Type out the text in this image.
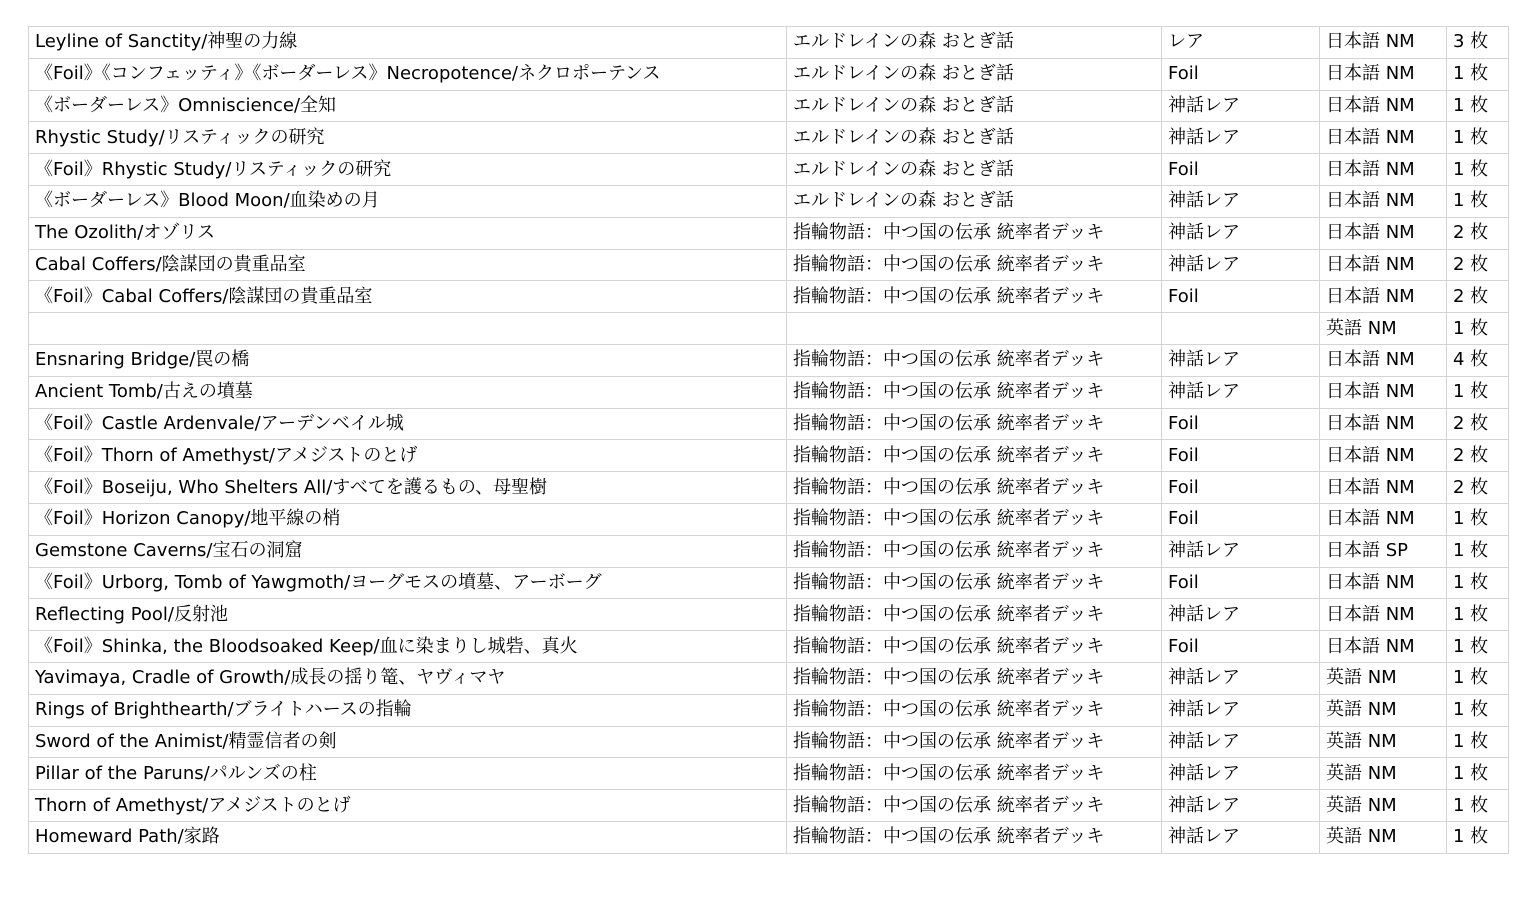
Leyline of Sanctity/神聖の力線	エルドレインの森 おとぎ話	レア	日本語 NM	3 枚
《Foil》《コンフェッティ》《ボーダーレス》Necropotence/ネクロポーテンス	エルドレインの森 おとぎ話	Foil	日本語 NM	1 枚
《ボーダーレス》Omniscience/全知	エルドレインの森 おとぎ話	神話レア	日本語 NM	1 枚
Rhystic Study/リスティックの研究	エルドレインの森 おとぎ話	神話レア	日本語 NM	1 枚
《Foil》Rhystic Study/リスティックの研究	エルドレインの森 おとぎ話	Foil	日本語 NM	1 枚
《ボーダーレス》Blood Moon/血染めの月	エルドレインの森 おとぎ話	神話レア	日本語 NM	1 枚
The Ozolith/オゾリス	指輪物語：中つ国の伝承 統率者デッキ	神話レア	日本語 NM	2 枚
Cabal Coffers/陰謀団の貴重品室	指輪物語：中つ国の伝承 統率者デッキ	神話レア	日本語 NM	2 枚
《Foil》Cabal Coffers/陰謀団の貴重品室	指輪物語：中つ国の伝承 統率者デッキ	Foil	日本語 NM	2 枚
			英語 NM	1 枚
Ensnaring Bridge/罠の橋	指輪物語：中つ国の伝承 統率者デッキ	神話レア	日本語 NM	4 枚
Ancient Tomb/古えの墳墓	指輪物語：中つ国の伝承 統率者デッキ	神話レア	日本語 NM	1 枚
《Foil》Castle Ardenvale/アーデンベイル城	指輪物語：中つ国の伝承 統率者デッキ	Foil	日本語 NM	2 枚
《Foil》Thorn of Amethyst/アメジストのとげ	指輪物語：中つ国の伝承 統率者デッキ	Foil	日本語 NM	2 枚
《Foil》Boseiju, Who Shelters All/すべてを護るもの、母聖樹	指輪物語：中つ国の伝承 統率者デッキ	Foil	日本語 NM	2 枚
《Foil》Horizon Canopy/地平線の梢	指輪物語：中つ国の伝承 統率者デッキ	Foil	日本語 NM	1 枚
Gemstone Caverns/宝石の洞窟	指輪物語：中つ国の伝承 統率者デッキ	神話レア	日本語 SP	1 枚
《Foil》Urborg, Tomb of Yawgmoth/ヨーグモスの墳墓、アーボーグ	指輪物語：中つ国の伝承 統率者デッキ	Foil	日本語 NM	1 枚
Reflecting Pool/反射池	指輪物語：中つ国の伝承 統率者デッキ	神話レア	日本語 NM	1 枚
《Foil》Shinka, the Bloodsoaked Keep/血に染まりし城砦、真火	指輪物語：中つ国の伝承 統率者デッキ	Foil	日本語 NM	1 枚
Yavimaya, Cradle of Growth/成長の揺り篭、ヤヴィマヤ	指輪物語：中つ国の伝承 統率者デッキ	神話レア	英語 NM	1 枚
Rings of Brighthearth/ブライトハースの指輪	指輪物語：中つ国の伝承 統率者デッキ	神話レア	英語 NM	1 枚
Sword of the Animist/精霊信者の剣	指輪物語：中つ国の伝承 統率者デッキ	神話レア	英語 NM	1 枚
Pillar of the Paruns/パルンズの柱	指輪物語：中つ国の伝承 統率者デッキ	神話レア	英語 NM	1 枚
Thorn of Amethyst/アメジストのとげ	指輪物語：中つ国の伝承 統率者デッキ	神話レア	英語 NM	1 枚
Homeward Path/家路	指輪物語：中つ国の伝承 統率者デッキ	神話レア	英語 NM	1 枚
